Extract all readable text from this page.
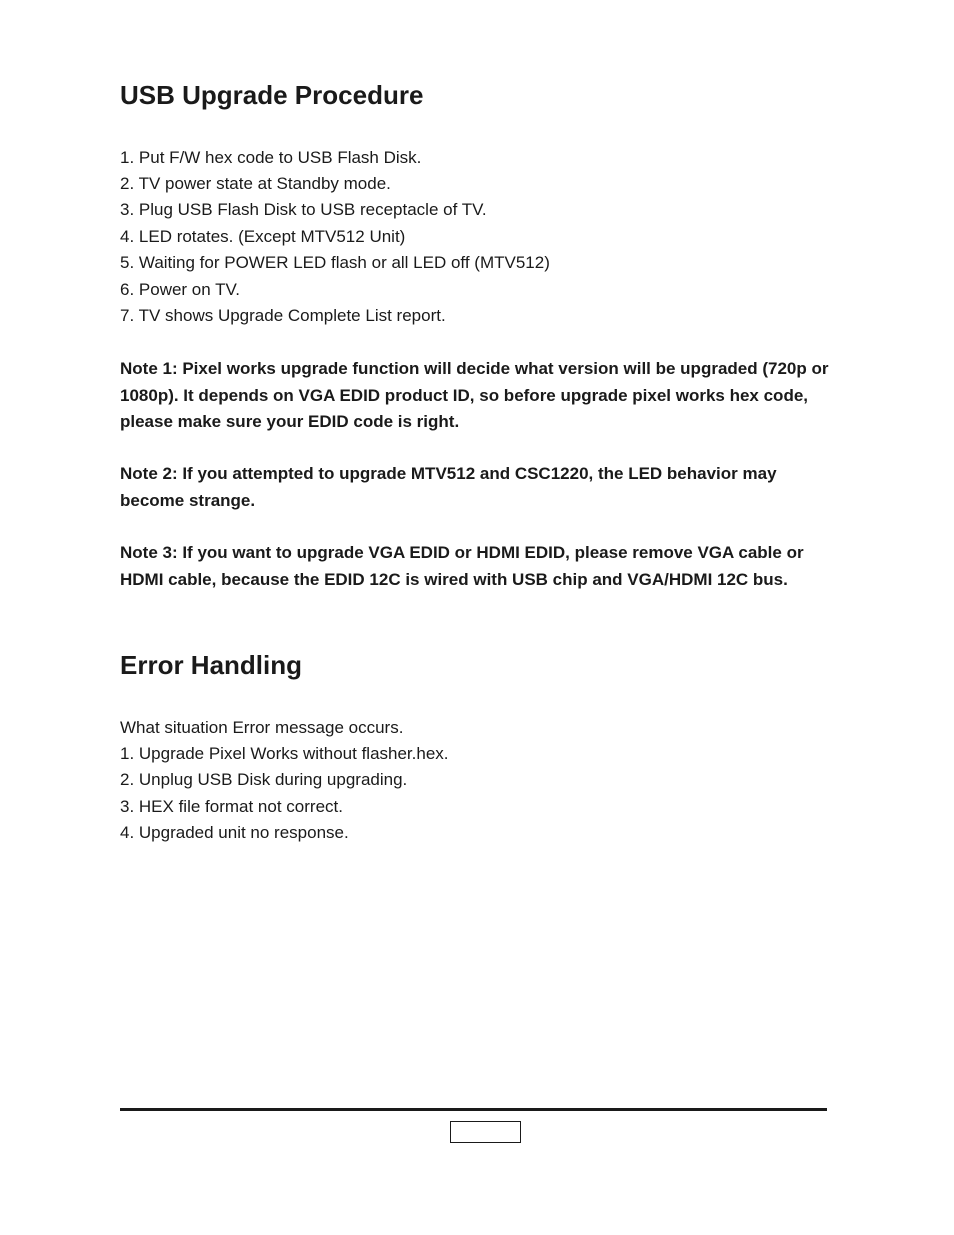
USB Upgrade Procedure

1. Put F/W hex code to USB Flash Disk.

2. TV power state at Standby mode.

3. Plug USB Flash Disk to USB receptacle of TV.

4. LED rotates. (Except MTV512 Unit)

5. Waiting for POWER LED flash or all LED off (MTV512)

6. Power on TV.

7. TV shows Upgrade Complete List report.

Note 1: Pixel works upgrade function will decide what version will be upgraded (720p or 1080p). It depends on VGA EDID product ID, so before upgrade pixel works hex code, please make sure your EDID code is right.

Note 2: If you attempted to upgrade MTV512 and CSC1220, the LED behavior may become strange.

Note 3: If you want to upgrade VGA EDID or HDMI EDID, please remove VGA cable or HDMI cable, because the EDID 12C is wired with USB chip and VGA/HDMI 12C bus.

Error Handling

What situation Error message occurs.

1. Upgrade Pixel Works without flasher.hex.

2. Unplug USB Disk during upgrading.

3. HEX file format not correct.

4. Upgraded unit no response.
